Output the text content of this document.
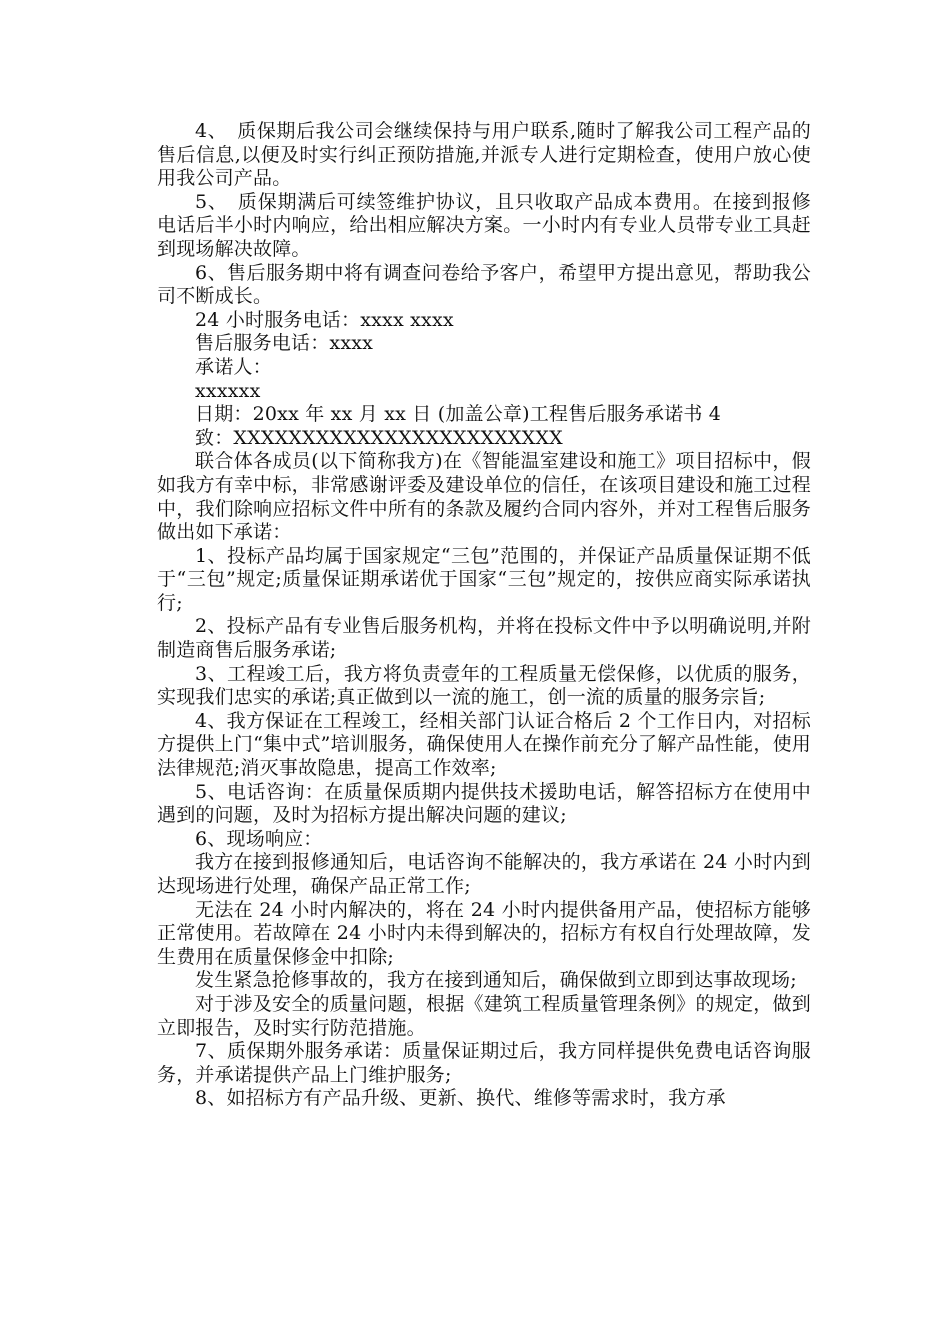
4、　质保期后我公司会继续保持与用户联系,随时了解我公司工程产品的售后信息,以便及时实行纠正预防措施,并派专人进行定期检查，使用户放心使用我公司产品。

5、　质保期满后可续签维护协议，且只收取产品成本费用。在接到报修电话后半小时内响应，给出相应解决方案。一小时内有专业人员带专业工具赶到现场解决故障。

6、售后服务期中将有调查问卷给予客户，希望甲方提出意见，帮助我公司不断成长。

24 小时服务电话：xxxx xxxx

售后服务电话：xxxx

承诺人：

xxxxxx

日期：20xx 年 xx 月 xx 日 (加盖公章)工程售后服务承诺书 4

致：XXXXXXXXXXXXXXXXXXXXXXXX

联合体各成员(以下简称我方)在《智能温室建设和施工》项目招标中，假如我方有幸中标，非常感谢评委及建设单位的信任，在该项目建设和施工过程中，我们除响应招标文件中所有的条款及履约合同内容外，并对工程售后服务做出如下承诺：

1、投标产品均属于国家规定“三包”范围的，并保证产品质量保证期不低于“三包”规定;质量保证期承诺优于国家“三包”规定的，按供应商实际承诺执行;

2、投标产品有专业售后服务机构，并将在投标文件中予以明确说明,并附制造商售后服务承诺;

3、工程竣工后，我方将负责壹年的工程质量无偿保修，以优质的服务，实现我们忠实的承诺;真正做到以一流的施工，创一流的质量的服务宗旨;

4、我方保证在工程竣工，经相关部门认证合格后 2 个工作日内，对招标方提供上门“集中式”培训服务，确保使用人在操作前充分了解产品性能，使用法律规范;消灭事故隐患，提高工作效率;

5、电话咨询：在质量保质期内提供技术援助电话，解答招标方在使用中遇到的问题，及时为招标方提出解决问题的建议;

6、现场响应：

我方在接到报修通知后，电话咨询不能解决的，我方承诺在 24 小时内到达现场进行处理，确保产品正常工作;

无法在 24 小时内解决的，将在 24 小时内提供备用产品，使招标方能够正常使用。若故障在 24 小时内未得到解决的，招标方有权自行处理故障，发生费用在质量保修金中扣除;

发生紧急抢修事故的，我方在接到通知后，确保做到立即到达事故现场;

对于涉及安全的质量问题，根据《建筑工程质量管理条例》的规定，做到立即报告，及时实行防范措施。

7、质保期外服务承诺：质量保证期过后，我方同样提供免费电话咨询服务，并承诺提供产品上门维护服务;

8、如招标方有产品升级、更新、换代、维修等需求时，我方承
